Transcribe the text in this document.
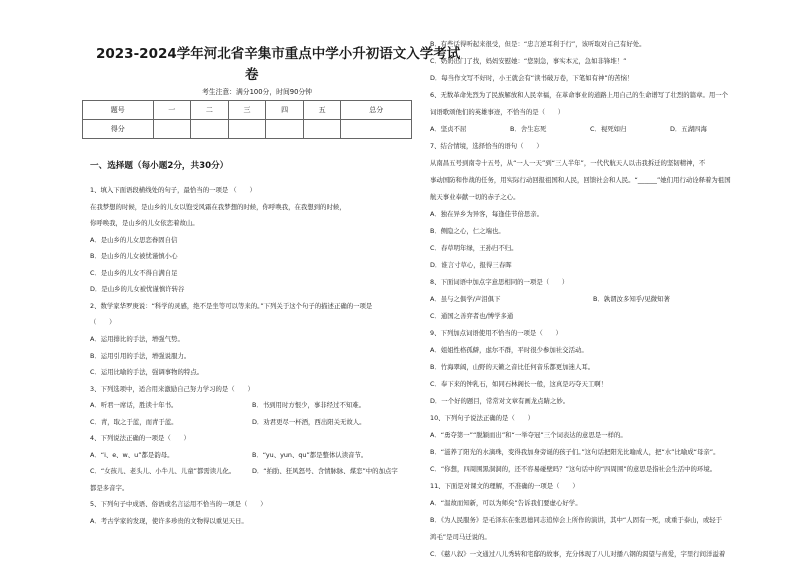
2023-2024学年河北省辛集市重点中学小升初语文入学考试
卷
考生注意：满分100分，时间90分钟
题号	一	二	三	四	五	总分
得分						
一、选择题（每小题2分，共30分）
1、填入下面语段横线处的句子，最恰当的一项是 （　　）
在我梦想的时候，是山乡的儿女以饱受风霜在我梦想的时候，你呼唤我，在我想到的时候，
你呼唤我，是山乡的儿女依恋着故山。
A．是山乡的儿女思恋眷固自信
B．是山乡的儿女被忧谨慎小心
C．是山乡的儿女不得自满自足
D．是山乡的儿女被忧谨慎许转谷
2、数学家华罗庚说：“科学的灵感，绝不是坐等可以等来的。”下列关于这个句子的描述正确的一项是
（　　）
A．运用排比的手法，增强气势。
B．运用引用的手法，增强说服力。
C．运用比喻的手法，强调事物的特点。
3、下列选项中，适合用来激励自己努力学习的是（　　）
A．听君一席话，胜读十年书。	B．书到用时方恨少，事非经过不知难。
C．青，取之于蓝，而青于蓝。	D．劝君更尽一杯酒，西出阳关无故人。
4、下列说法正确的一项是（　　）
A．“i、e、w、u”都是韵母。	B．“yu、yun、qu”都是整体认读音节。
C．“女孩儿、老头儿、小牛儿、儿童”都需读儿化。	D．“拍肋、狂风怒号、含情脉脉、煤恋”中的加点字
都是多音字。
5、下列句子中成语、俗语或名言运用不恰当的一项是（　　）
A．考古学家的发现，使许多珍贵的文物得以重见天日。
B．有些话得听起来很受，但是：“忠言逆耳利于行”，该听取对自己有好处。
C．奶奶出门了找，妈妈安慰她：“您别急，事实本元，急如非锋堆！”
D．每当作文写不好时，小王就会有“读书破万卷，下笔如有神”的苦恼！
6、无数革命先烈为了民族解放和人民幸福，在革命事业的道路上用自己的生命谱写了壮烈的篇章。用一个
词语歌颂他们的英雄事迹，不恰当的是（　　）
A．坚贞不屈	B．舍生忘死	C．视死如归	D．五湖四海
7、结合情境，选择恰当的语句（　　）
从南昌五号到南寺十五号，从“一人一天”到“三人半年”，一代代航天人以击我拆迁的坚韧精神，不
事动国防和作战的任务，用实际行动回报祖国和人民，回馈社会和人民。“______”她们用行动诠释着为祖国
航天事业奉献一切的赤子之心。
A．独在异乡为异客，每逢佳节倍思亲。
B．侧隐之心，仁之端也。
C．春草明年绿，王孙归不归。
D．谁言寸草心，报得三春晖
8、下面词语中加点字意思相同的一项是（　　）
A．虽与之俱学/声泪俱下	B．孰谓汝多知乎/见微知著
C．通国之善弈者也/博学多通
9、下列加点词语使用不恰当的一项是（　　）
A．姐姐性格孤僻，虑尔不群，平时很少参加社交活动。
B．竹海翠阔，山野的天籁之音比任何音乐都更加迷人耳。
C．奉下来的钟乳石，如同石林阁长一般，这真是巧夺天工啊！
D．一个好的题目，常常对文章有画龙点睛之妙。
10、下列句子说法正确的是（　　）
A．“勇夺第一”“脱颖而出”和“一举夺冠”三个词表达的意思是一样的。
B．“滋养了阳光的水滴珠，变得我加身旁诞的孩子们。”这句话把阳光比喻成人，把“水”比喻成“母亲”。
C．“你想，四周围黑洞洞的，还不容易碰壁吗？”这句话中的“四周围”的意思是指社会生活中的环境。
11、下面是对课文的理解，不准确的一项是（　　）
A．“温故而知新，可以为师矣”告诉我们要虚心好学。
B．《为人民服务》是毛泽东在张思德同志追悼会上所作的演讲，其中“人固有一死，或重于泰山，或轻于
鸿毛”是司马迁说的。
C．《慈八叙》一文通过八儿秀转和宅邸的故事，充分体现了八儿对播八钢的渴望与喜爱，字里行间洋溢着
